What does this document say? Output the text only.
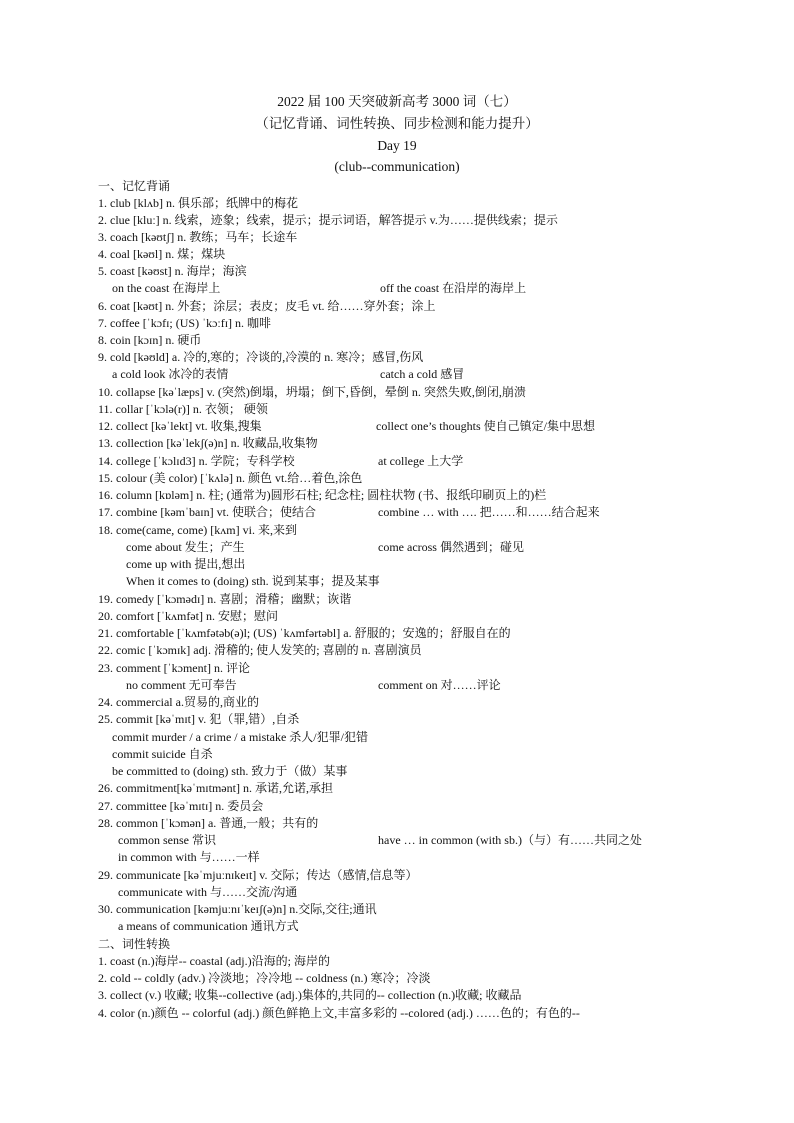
2022 届 100 天突破新高考 3000 词（七）
（记忆背诵、词性转换、同步检测和能力提升）
Day 19
(club--communication)
一、记忆背诵
1. club [klʌb] n. 俱乐部；纸牌中的梅花
2. clue [kluː] n. 线索，迹象；线索，提示；提示词语，解答提示 v.为……提供线索；提示
3. coach [kəʊtʃ] n. 教练；马车；长途车
4. coal [kəʊl] n. 煤；煤块
5. coast [kəʊst] n. 海岸；海滨
on the coast 在海岸上	off the coast 在沿岸的海岸上
6. coat [kəʊt] n. 外套；涂层；表皮；皮毛 vt. 给……穿外套；涂上
7. coffee [ˈkɔfɪ; (US) ˈkɔːfɪ] n. 咖啡
8. coin [kɔɪn] n. 硬币
9. cold [kəʊld] a. 冷的,寒的；冷谈的,冷漠的 n. 寒冷；感冒,伤风
a cold look 冰冷的表情	catch a cold 感冒
10. collapse [kəˈlæps] v. (突然)倒塌，坍塌；倒下,昏倒，晕倒 n. 突然失败,倒闭,崩溃
11. collar [ˈkɔlə(r)] n. 衣领； 硬领
12. collect [kəˈlekt] vt. 收集,搜集	collect one’s thoughts 使自己镇定/集中思想
13. collection [kəˈlekʃ(ə)n] n. 收藏品,收集物
14. college [ˈkɔlɪd3] n. 学院；专科学校	at college 上大学
15. colour (美 color) [ˈkʌlə] n. 颜色 vt.给…着色,涂色
16. column [kɒləm] n. 柱; (通常为)圆形石柱; 纪念柱; 圆柱状物 (书、报纸印刷页上的)栏
17. combine [kəmˈbaɪn] vt. 使联合；使结合	combine … with …. 把……和……结合起来
18. come(came, come) [kʌm] vi. 来,来到
come about 发生；产生	come across 偶然遇到；碰见
come up with 提出,想出
When it comes to (doing) sth. 说到某事；提及某事
19. comedy [ˈkɔmədɪ] n. 喜剧；滑稽；幽默；诙谐
20. comfort [ˈkʌmfət] n. 安慰；慰问
21. comfortable [ˈkʌmfətəb(ə)l; (US) ˈkʌmfərtəbl] a. 舒服的；安逸的；舒服自在的
22. comic [ˈkɔmɪk] adj. 滑稽的; 使人发笑的; 喜剧的 n. 喜剧演员
23. comment [ˈkɔment] n. 评论
no comment 无可奉告	comment on 对……评论
24. commercial a.贸易的,商业的
25. commit [kəˈmɪt] v. 犯（罪,错）,自杀
commit murder / a crime / a mistake 杀人/犯罪/犯错
commit suicide 自杀
be committed to (doing) sth. 致力于（做）某事
26. commitment[kəˈmɪtmənt] n. 承诺,允诺,承担
27. committee [kəˈmɪtɪ] n. 委员会
28. common [ˈkɔmən] a. 普通,一般；共有的
common sense 常识	have … in common (with sb.)（与）有……共同之处
in common with 与……一样
29. communicate [kəˈmjuːnɪkeɪt] v. 交际；传达（感情,信息等）
communicate with 与……交流/沟通
30. communication [kəmjuːnɪˈkeɪʃ(ə)n] n.交际,交往;通讯
a means of communication 通讯方式
二、词性转换
1. coast (n.)海岸-- coastal (adj.)沿海的; 海岸的
2. cold -- coldly (adv.) 冷淡地；冷冷地 -- coldness (n.) 寒冷；冷淡
3. collect (v.) 收藏; 收集--collective (adj.)集体的,共同的-- collection (n.)收藏; 收藏品
4. color (n.)颜色 -- colorful (adj.) 颜色鲜艳上文,丰富多彩的 --colored (adj.) ……色的；有色的--
